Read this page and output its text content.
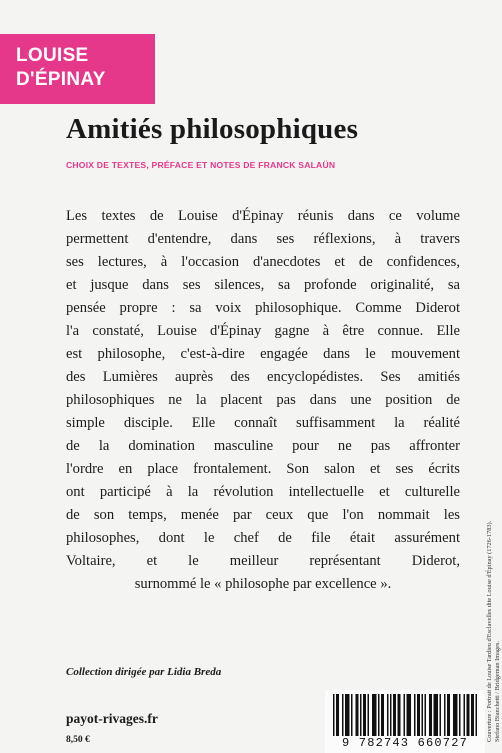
LOUISE
D'ÉPINAY
Amitiés philosophiques
CHOIX DE TEXTES, PRÉFACE ET NOTES DE FRANCK SALAÜN
Les textes de Louise d'Épinay réunis dans ce volume
permettent d'entendre, dans ses réflexions, à travers
ses lectures, à l'occasion d'anecdotes et de confidences,
et jusque dans ses silences, sa profonde originalité, sa
pensée propre : sa voix philosophique. Comme Diderot
l'a constaté, Louise d'Épinay gagne à être connue. Elle
est philosophe, c'est-à-dire engagée dans le mouvement
des Lumières auprès des encyclopédistes. Ses amitiés
philosophiques ne la placent pas dans une position de
simple disciple. Elle connaît suffisamment la réalité
de la domination masculine pour ne pas affronter
l'ordre en place frontalement. Son salon et ses écrits
ont participé à la révolution intellectuelle et culturelle
de son temps, menée par ceux que l'on nommait les
philosophes, dont le chef de file était assurément
Voltaire, et le meilleur représentant Diderot,
surnommé le « philosophe par excellence ».
Collection dirigée par Lidia Breda
payot-rivages.fr
8,50 €	9 782743 660727
Couverture : Portrait de Louise Tardieu d'Esclavelles dite Louise d'Épinay (1726-1783). Stefano Bianchetti / Bridgeman Images.
